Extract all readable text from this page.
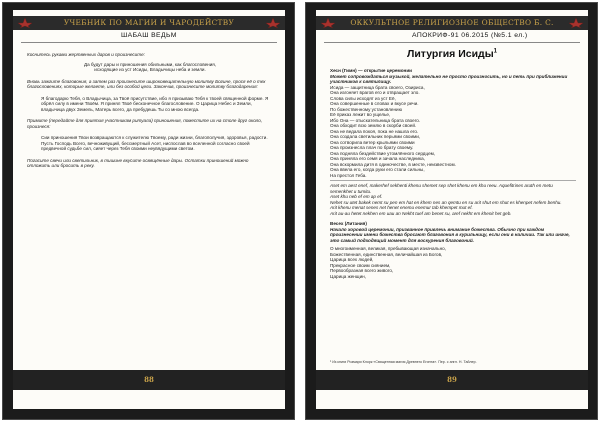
УЧЕБНИК ПО МАГИИ И ЧАРОДЕЙСТВУ
ШАБАШ ВЕДЬМ

Коснитесь руками жертвенных даров и произнесите:

Да будут дары и приношения обильными, как благословения,

исходящие из уст Исиды, Владычицы неба и земли.

Вновь зажгите благовония, а затем раз произнесите широковещательную молитву Богине, прося её о тех благословениях, которые желаете, или без особой цели. Закончив, произнесите молитву благодарения:

Я благодарю Тебя, о Владычица, за Твоё присутствие, ибо я призываю Тебя к твоей священной форме. Я обрёл силу в имени Твоём. Я принял Твоё бесконечное благословение. О Царица Небес и Земли, владычица двух Земель, Матерь всего, да пребудешь Ты со мною всегда.

Примите (передайте для приятия участникам ритуала) приношения, поместите их на столе друг около, произнеся:

Сии приношения Твои возвращаются к служителю Твоему, ради жизни, благополучия, здоровья, радости. Пусть Господь Всего, вечноживущий, бессмертный Асет, ниспослав во вселенной согласно своей предвечной судьбе сил, сияет через Тебя своими неувядущими светом.

Погасите свечи или светильник, в тишине вкусите освящённые дары. Остатки приношений можно отложить или бросить в реку.

88
ОККУЛЬТНОЕ РЕЛИГИОЗНОЕ ОБЩЕСТВО Б. С.
АПОКРИФ-91 06.2015 (№5.1 ел.)
Литургия Исиды$^1$

Хесн (Гимн) — открытие церемонии

Может сопровождаться музыкой, желательно не просто произносить, но и петь при приближении участников к святилищу.

Исида — защитница брата своего, Озириса,

Она изгоняет врагов его и отвращает зло.

Слова силы исходят из уст Её,

Она совершенные в словах и вкусе речи.

По божественному установлению

Её приказ лежит во ущелье,

Ибо Она — отыскательница брата своего.

Она обходит всю землю в скорби своей.

Она не ведала покоя, пока не нашла его.

Она создала светильник перьями своими,

Она сотворила ветер крыльями своими

Она произнесла плач по брату своему.

Она подняла бездействие утомлённого сердцем,

Она приняла его семя и зачала наследника,

Она вскормила дитя в одиночестве, в месте, неизвестном.

Она ввела его, когда руки его стали сильны,

На престол Геба.

Aset em aest enef, makerhef sekhenti khenu shemet sep shet khenu em khu reeu. Aquefitrines aruth en metu semenkhet u tumitu.

Aset khu neb ef em ap ef.

Nehet su utet bakek nemt su pen em hat en khem nes an qemtu en su arit shut em shut es khenpet nefem benhu.

Arit khenu menat senes net henet enemu enemur tab khempet mut ef.

Arit au-au hetet nekhen em uau an Nekht tuef am benet su, aref nekht em khenit het geb.

Весех (Литания)

Начало хоровой церемонии, призванное привлечь внимание божества. Обычно при каждом произнесении имени божества бросают благовония в курильницу, если они в наличии. Так или иначе, это самый подходящий момент для воскурения благовоний.

О многоименная, великая, пребывающая изначально,

Божественная, единственная, величайшая из Богов,

Царица всех людей,

Прекрасное своим сиянием,

Первообразная всего живого,

Царица женщин,

¹ Из книги Розмари Клорк «Священная магия Древнего Египта». Пер. с англ. Н. Тайлер.
89
